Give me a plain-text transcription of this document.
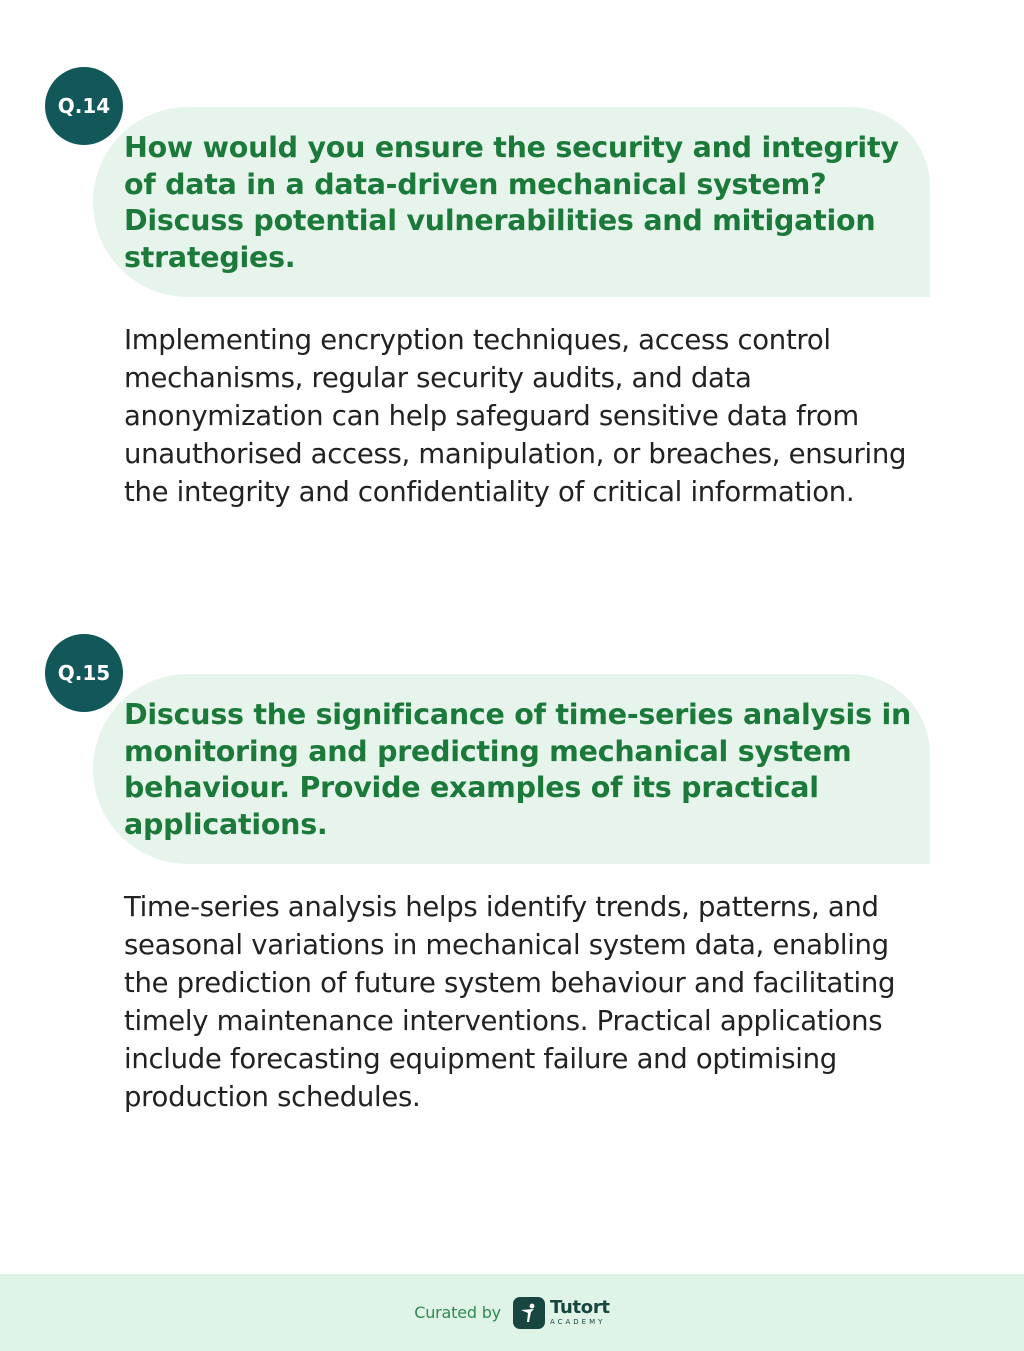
Q.14
How would you ensure the security and integrity of data in a data-driven mechanical system? Discuss potential vulnerabilities and mitigation strategies.

Implementing encryption techniques, access control mechanisms, regular security audits, and data anonymization can help safeguard sensitive data from unauthorised access, manipulation, or breaches, ensuring the integrity and confidentiality of critical information.

Q.15
Discuss the significance of time-series analysis in monitoring and predicting mechanical system behaviour. Provide examples of its practical applications.

Time-series analysis helps identify trends, patterns, and seasonal variations in mechanical system data, enabling the prediction of future system behaviour and facilitating timely maintenance interventions. Practical applications include forecasting equipment failure and optimising production schedules.

Curated by	Tutort
ACADEMY
